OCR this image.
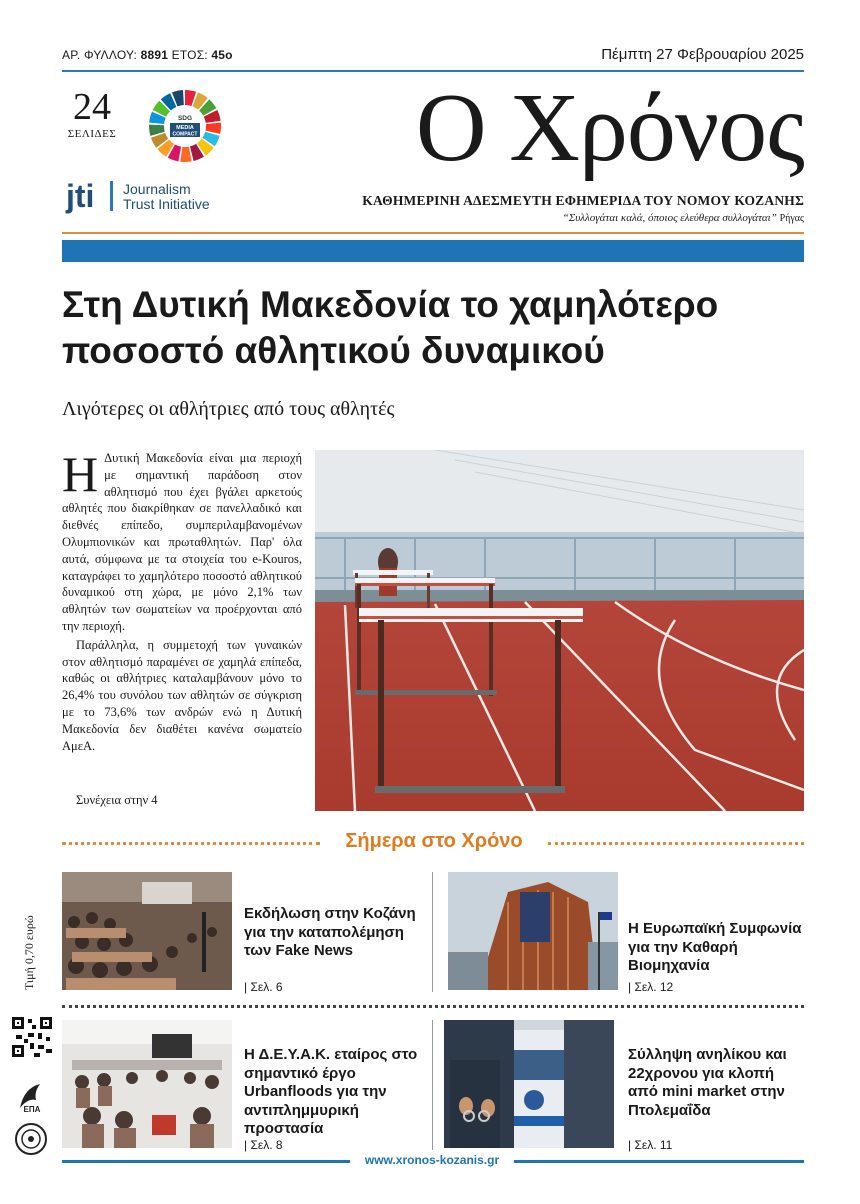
ΑΡ. ΦΥΛΛΟΥ: 8891 ΕΤΟΣ: 45ο	Πέμπτη 27 Φεβρουαρίου 2025
24
ΣΕΛΙΔΕΣ
SDG
MEDIA
COMPACT
jti Journalism
Trust Initiative
Ο Χρόνος
ΚΑΘΗΜΕΡΙΝΗ ΑΔΕΣΜΕΥΤΗ ΕΦΗΜΕΡΙΔΑ ΤΟΥ ΝΟΜΟΥ ΚΟΖΑΝΗΣ
“Συλλογάται καλά, όποιος ελεύθερα συλλογάται” Ρήγας
Στη Δυτική Μακεδονία το χαμηλότερο
ποσοστό αθλητικού δυναμικού
Λιγότερες οι αθλήτριες από τους αθλητές

Η Δυτική Μακεδονία είναι μια περιοχή με σημαντική παράδοση στον αθλητισμό που έχει βγάλει αρκετούς αθλητές που διακρίθηκαν σε πανελλαδικό και διεθνές επίπεδο, συμπεριλαμβανομένων Ολυμπιονικών και πρωταθλητών. Παρ' όλα αυτά, σύμφωνα με τα στοιχεία του e-Kouros, καταγράφει το χαμηλότερο ποσοστό αθλητικού δυναμικού στη χώρα, με μόνο 2,1% των αθλητών των σωματείων να προέρχονται από την περιοχή.

Παράλληλα, η συμμετοχή των γυναικών στον αθλητισμό παραμένει σε χαμηλά επίπεδα, καθώς οι αθλήτριες καταλαμβάνουν μόνο το 26,4% του συνόλου των αθλητών σε σύγκριση με το 73,6% των ανδρών ενώ η Δυτική Μακεδονία δεν διαθέτει κανένα σωματείο ΑμεΑ.

Συνέχεια στην 4
Σήμερα στο Χρόνο
Τιμή 0,70 ευρώ
Εκδήλωση στην Κοζάνη για την καταπολέμηση των Fake News
| Σελ. 6
Η Ευρωπαϊκή Συμφωνία για την Καθαρή Βιομηχανία
| Σελ. 12
Η Δ.Ε.Υ.Α.Κ. εταίρος στο σημαντικό έργο Urbanfloods για την αντιπλημμυρική προστασία
| Σελ. 8
Σύλληψη ανηλίκου και 22χρονου για κλοπή από mini market στην Πτολεμαΐδα
| Σελ. 11
ΕΠΑ
www.xronos-kozanis.gr
